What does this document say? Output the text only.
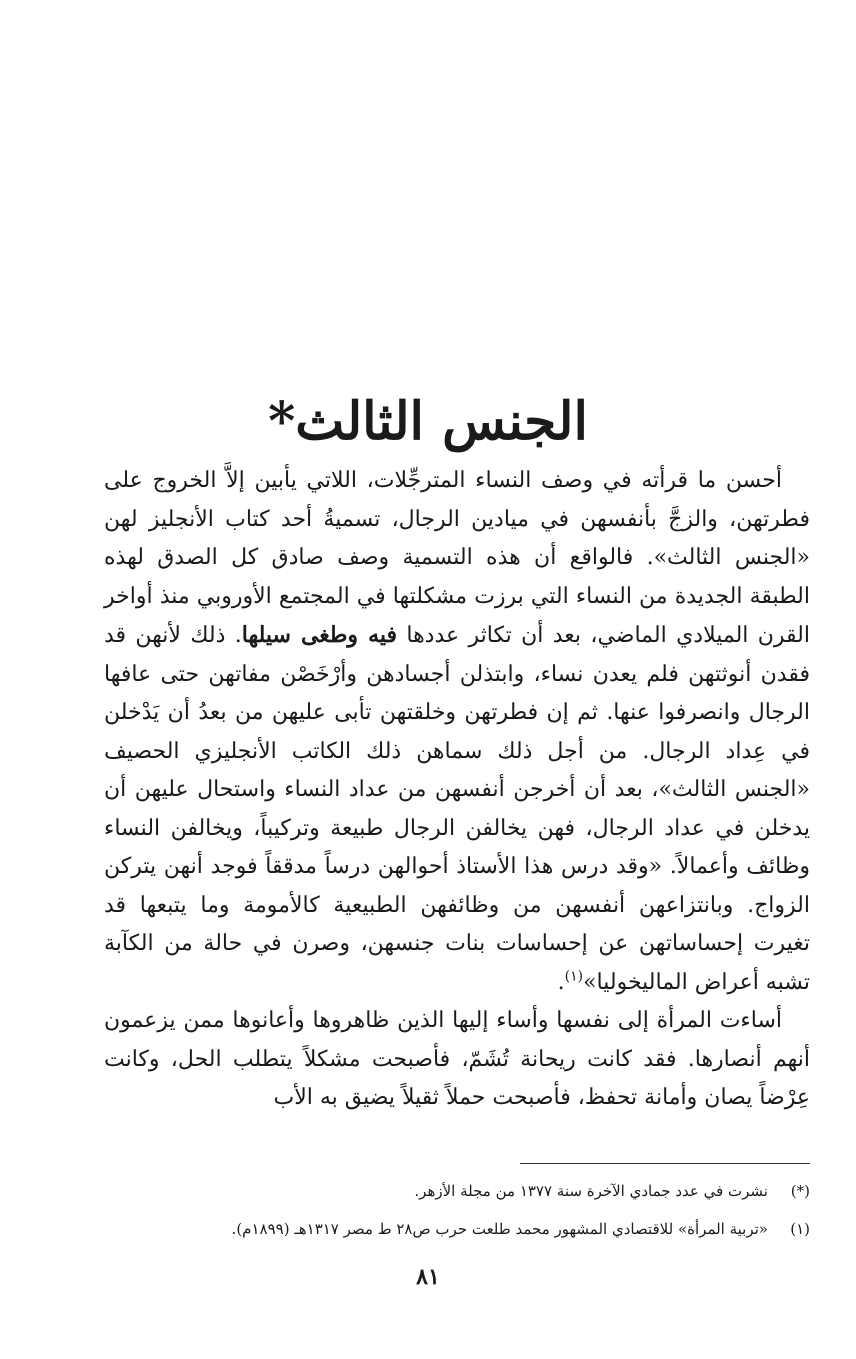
الجنس الثالث*

أحسن ما قرأته في وصف النساء المترجِّلات، اللاتي يأبين إلاَّ الخروج على فطرتهن، والزجَّ بأنفسهن في ميادين الرجال، تسميةُ أحد كتاب الأنجليز لهن «الجنس الثالث». فالواقع أن هذه التسمية وصف صادق كل الصدق لهذه الطبقة الجديدة من النساء التي برزت مشكلتها في المجتمع الأوروبي منذ أواخر القرن الميلادي الماضي، بعد أن تكاثر عددها فيه وطغى سيلها. ذلك لأنهن قد فقدن أنوثتهن فلم يعدن نساء، وابتذلن أجسادهن وأرْخَصْن مفاتهن حتى عافها الرجال وانصرفوا عنها. ثم إن فطرتهن وخلقتهن تأبى عليهن من بعدُ أن يَدْخلن في عِداد الرجال. من أجل ذلك سماهن ذلك الكاتب الأنجليزي الحصيف «الجنس الثالث»، بعد أن أخرجن أنفسهن من عداد النساء واستحال عليهن أن يدخلن في عداد الرجال، فهن يخالفن الرجال طبيعة وتركيباً، ويخالفن النساء وظائف وأعمالاً. «وقد درس هذا الأستاذ أحوالهن درساً مدققاً فوجد أنهن يتركن الزواج. وبانتزاعهن أنفسهن من وظائفهن الطبيعية كالأمومة وما يتبعها قد تغيرت إحساساتهن عن إحساسات بنات جنسهن، وصرن في حالة من الكآبة تشبه أعراض الماليخوليا»$^{(١)}$.

أساءت المرأة إلى نفسها وأساء إليها الذين ظاهروها وأعانوها ممن يزعمون أنهم أنصارها. فقد كانت ريحانة تُشَمّ، فأصبحت مشكلاً يتطلب الحل، وكانت عِرْضاً يصان وأمانة تحفظ، فأصبحت حملاً ثقيلاً يضيق به الأب

(*)
نشرت في عدد جمادي الآخرة سنة ١٣٧٧ من مجلة الأزهر.
(١)
«تربية المرأة» للاقتصادي المشهور محمد طلعت حرب ص٢٨ ط مصر ١٣١٧هـ (١٨٩٩م).
٨١
